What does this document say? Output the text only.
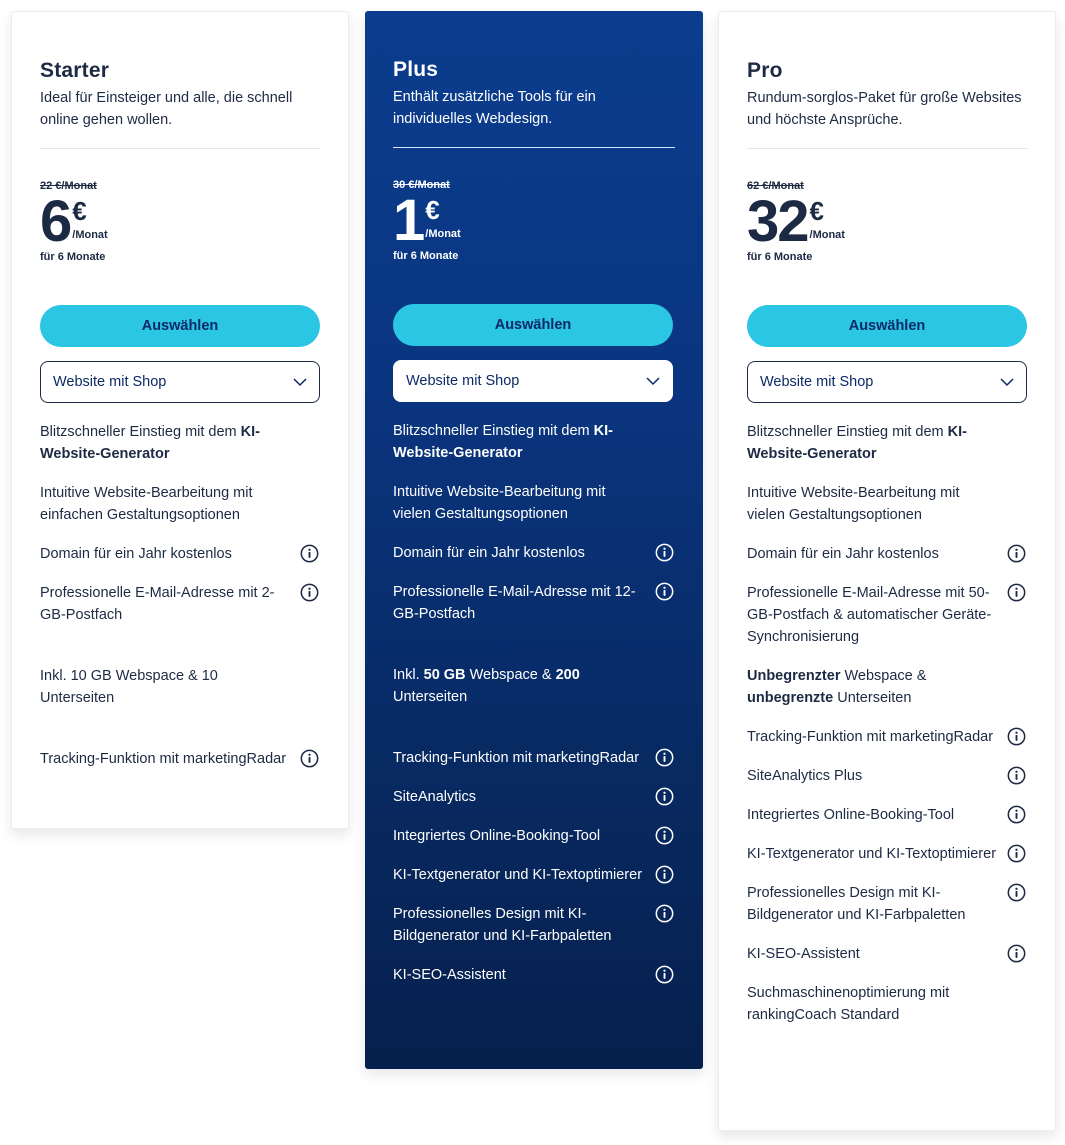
Starter
Ideal für Einsteiger und alle, die schnell online gehen wollen.
22 €/Monat
6 €
/Monat
für 6 Monate
Auswählen
Website mit Shop
Blitzschneller Einstieg mit dem KI-Website-Generator
Intuitive Website-Bearbeitung mit einfachen Gestaltungsoptionen
Domain für ein Jahr kostenlos
Professionelle E-Mail-Adresse mit 2-GB-Postfach
Inkl. 10 GB Webspace & 10 Unterseiten
Tracking-Funktion mit marketingRadar
Plus
Enthält zusätzliche Tools für ein individuelles Webdesign.
30 €/Monat
1 €
/Monat
für 6 Monate
Auswählen
Website mit Shop
Blitzschneller Einstieg mit dem KI-Website-Generator
Intuitive Website-Bearbeitung mit vielen Gestaltungsoptionen
Domain für ein Jahr kostenlos
Professionelle E-Mail-Adresse mit 12-GB-Postfach
Inkl. 50 GB Webspace & 200 Unterseiten
Tracking-Funktion mit marketingRadar
SiteAnalytics
Integriertes Online-Booking-Tool
KI-Textgenerator und KI-Textoptimierer
Professionelles Design mit KI-Bildgenerator und KI-Farbpaletten
KI-SEO-Assistent
Pro
Rundum-sorglos-Paket für große Websites und höchste Ansprüche.
62 €/Monat
32 €
/Monat
für 6 Monate
Auswählen
Website mit Shop
Blitzschneller Einstieg mit dem KI-Website-Generator
Intuitive Website-Bearbeitung mit vielen Gestaltungsoptionen
Domain für ein Jahr kostenlos
Professionelle E-Mail-Adresse mit 50-GB-Postfach & automatischer Geräte-Synchronisierung
Unbegrenzter Webspace & unbegrenzte Unterseiten
Tracking-Funktion mit marketingRadar
SiteAnalytics Plus
Integriertes Online-Booking-Tool
KI-Textgenerator und KI-Textoptimierer
Professionelles Design mit KI-Bildgenerator und KI-Farbpaletten
KI-SEO-Assistent
Suchmaschinenoptimierung mit rankingCoach Standard
